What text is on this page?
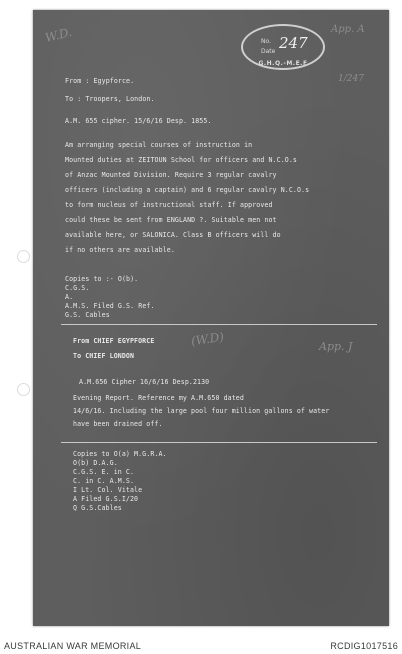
W.D.	App. A
1/247
No.
Date 247
G.H.Q.-M.E.F
From : Egypforce.
To : Troopers, London.
A.M. 655 cipher. 15/6/16 Desp. 1855.
Am arranging special courses of instruction in
Mounted duties at ZEITOUN School for officers and N.C.O.s
of Anzac Mounted Division. Require 3 regular cavalry
officers (including a captain) and 6 regular cavalry N.C.O.s
to form nucleus of instructional staff. If approved
could these be sent from ENGLAND ?. Suitable men not
available here, or SALONICA. Class B officers will do
if no others are available.
Copies to :- O(b).
C.G.S.
A.
A.M.S. Filed G.S. Ref.
G.S. Cables
(W.D)	App. J
From CHIEF EGYPFORCE
To CHIEF LONDON
A.M.656 Cipher 16/6/16 Desp.2130
Evening Report. Reference my A.M.650 dated
14/6/16. Including the large pool four million gallons of water
have been drained off.
Copies to O(a) M.G.R.A.
O(b) D.A.G.
C.G.S. E. in C.
C. in C. A.M.S.
I Lt. Col. Vitale
A Filed G.S.I/20
Q G.S.Cables
AUSTRALIAN WAR MEMORIAL	RCDIG1017516
